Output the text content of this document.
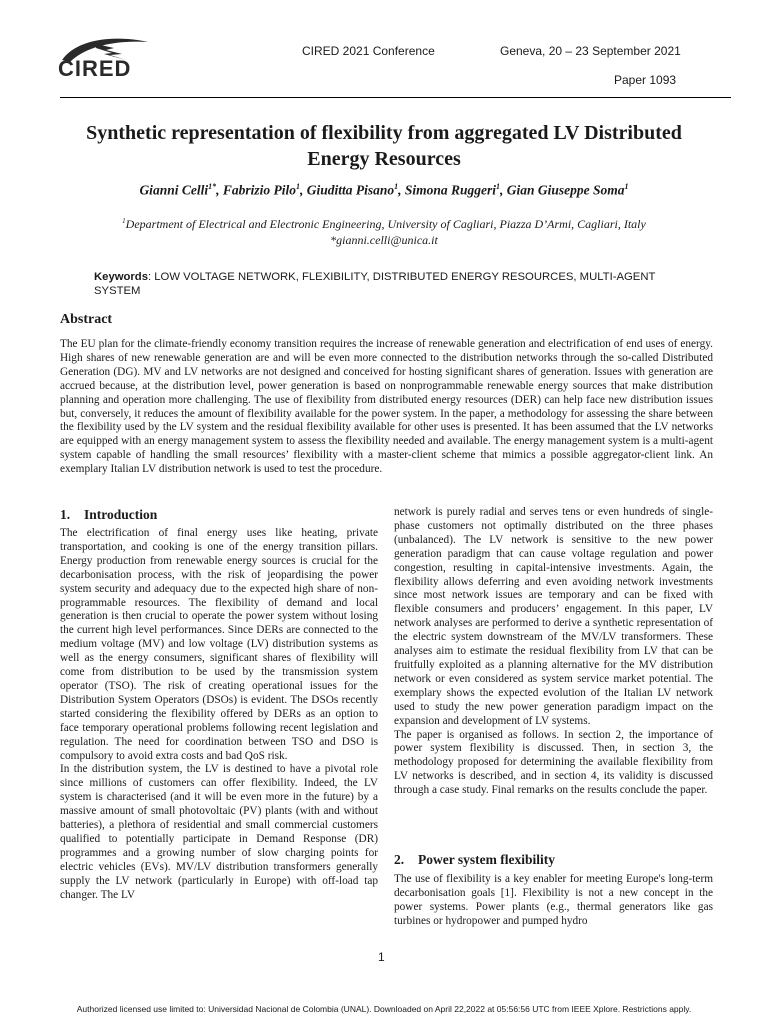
CIRED
CIRED 2021 Conference	Geneva, 20 – 23 September 2021
Paper 1093
Synthetic representation of flexibility from aggregated LV Distributed Energy Resources
Gianni Celli$^{1*}$, Fabrizio Pilo$^1$, Giuditta Pisano$^1$, Simona Ruggeri$^1$, Gian Giuseppe Soma$^1$
$^1$Department of Electrical and Electronic Engineering, University of Cagliari, Piazza D’Armi, Cagliari, Italy
*gianni.celli@unica.it
Keywords: LOW VOLTAGE NETWORK, FLEXIBILITY, DISTRIBUTED ENERGY RESOURCES, MULTI-AGENT SYSTEM
Abstract
The EU plan for the climate-friendly economy transition requires the increase of renewable generation and electrification of end uses of energy. High shares of new renewable generation are and will be even more connected to the distribution networks through the so-called Distributed Generation (DG). MV and LV networks are not designed and conceived for hosting significant shares of generation. Issues with generation are accrued because, at the distribution level, power generation is based on nonprogrammable renewable energy sources that make distribution planning and operation more challenging. The use of flexibility from distributed energy resources (DER) can help face new distribution issues but, conversely, it reduces the amount of flexibility available for the power system. In the paper, a methodology for assessing the share between the flexibility used by the LV system and the residual flexibility available for other uses is presented. It has been assumed that the LV networks are equipped with an energy management system to assess the flexibility needed and available. The energy management system is a multi-agent system capable of handling the small resources’ flexibility with a master-client scheme that mimics a possible aggregator-client link. An exemplary Italian LV distribution network is used to test the procedure.
1. Introduction

The electrification of final energy uses like heating, private transportation, and cooking is one of the energy transition pillars. Energy production from renewable energy sources is crucial for the decarbonisation process, with the risk of jeopardising the power system security and adequacy due to the expected high share of non-programmable resources. The flexibility of demand and local generation is then crucial to operate the power system without losing the current high level performances. Since DERs are connected to the medium voltage (MV) and low voltage (LV) distribution systems as well as the energy consumers, significant shares of flexibility will come from distribution to be used by the transmission system operator (TSO). The risk of creating operational issues for the Distribution System Operators (DSOs) is evident. The DSOs recently started considering the flexibility offered by DERs as an option to face temporary operational problems following recent legislation and regulation. The need for coordination between TSO and DSO is compulsory to avoid extra costs and bad QoS risk.

In the distribution system, the LV is destined to have a pivotal role since millions of customers can offer flexibility. Indeed, the LV system is characterised (and it will be even more in the future) by a massive amount of small photovoltaic (PV) plants (with and without batteries), a plethora of residential and small commercial customers qualified to potentially participate in Demand Response (DR) programmes and a growing number of slow charging points for electric vehicles (EVs). MV/LV distribution transformers generally supply the LV network (particularly in Europe) with off-load tap changer. The LV

network is purely radial and serves tens or even hundreds of single-phase customers not optimally distributed on the three phases (unbalanced). The LV network is sensitive to the new power generation paradigm that can cause voltage regulation and power congestion, resulting in capital-intensive investments. Again, the flexibility allows deferring and even avoiding network investments since most network issues are temporary and can be fixed with flexible consumers and producers’ engagement. In this paper, LV network analyses are performed to derive a synthetic representation of the electric system downstream of the MV/LV transformers. These analyses aim to estimate the residual flexibility from LV that can be fruitfully exploited as a planning alternative for the MV distribution network or even considered as system service market potential. The exemplary shows the expected evolution of the Italian LV network used to study the new power generation paradigm impact on the expansion and development of LV systems.

The paper is organised as follows. In section 2, the importance of power system flexibility is discussed. Then, in section 3, the methodology proposed for determining the available flexibility from LV networks is described, and in section 4, its validity is discussed through a case study. Final remarks on the results conclude the paper.

2. Power system flexibility

The use of flexibility is a key enabler for meeting Europe's long-term decarbonisation goals [1]. Flexibility is not a new concept in the power systems. Power plants (e.g., thermal generators like gas turbines or hydropower and pumped hydro

1
Authorized licensed use limited to: Universidad Nacional de Colombia (UNAL). Downloaded on April 22,2022 at 05:56:56 UTC from IEEE Xplore. Restrictions apply.
